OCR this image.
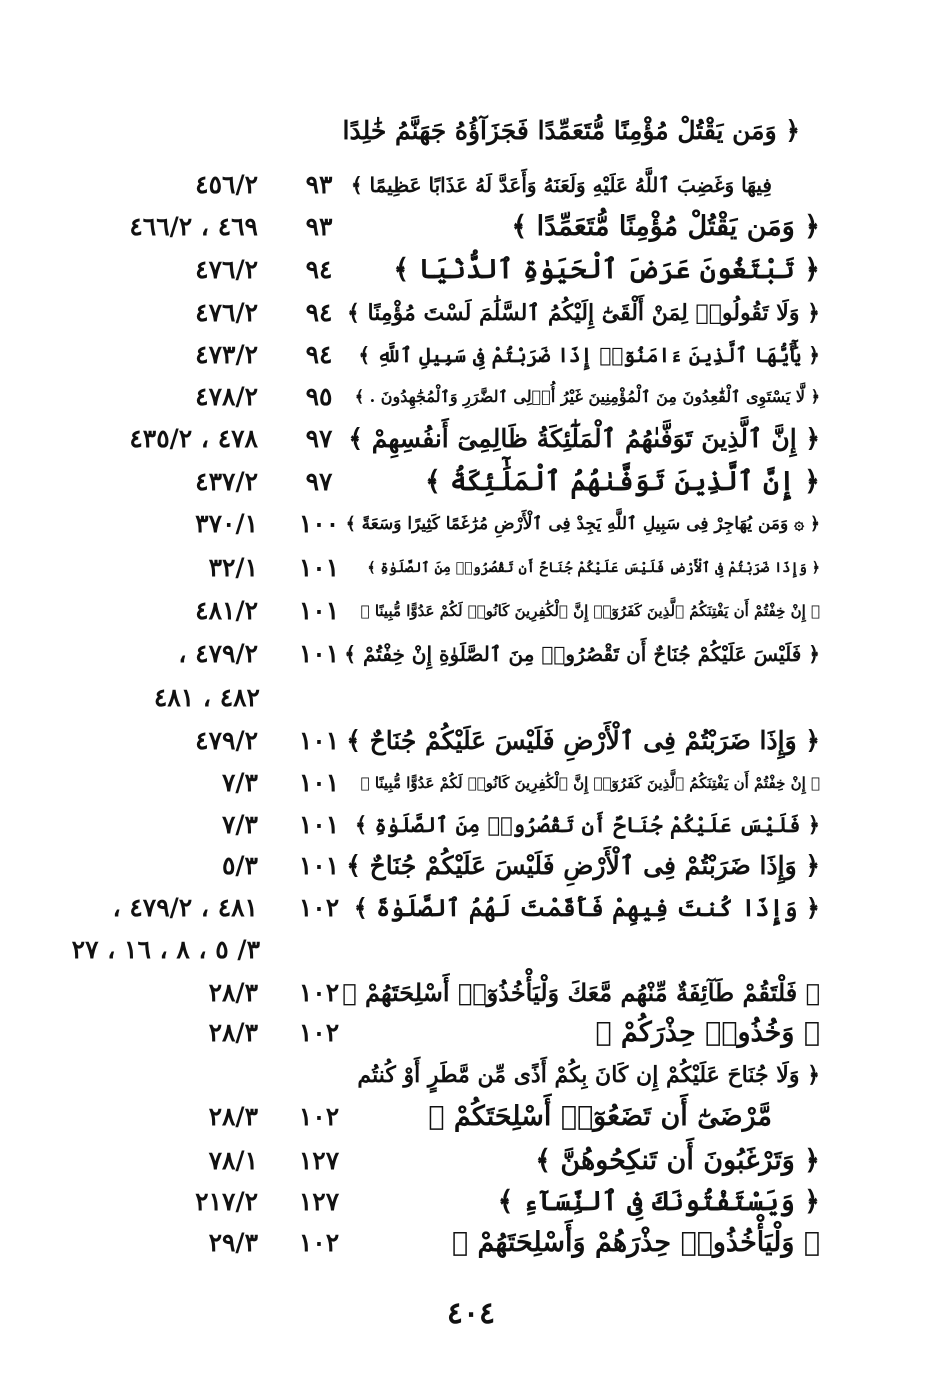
﴿ وَمَن يَقْتُلْ مُؤْمِنًا مُّتَعَمِّدًا فَجَزَآؤُهُ جَهَنَّمُ خَٰلِدًا
فِيهَا وَغَضِبَ ٱللَّهُ عَلَيْهِ وَلَعَنَهُ وَأَعَدَّ لَهُ عَذَابًا عَظِيمًا ﴾
٩٣
٤٥٦/٢
﴿ وَمَن يَقْتُلْ مُؤْمِنًا مُّتَعَمِّدًا ﴾
٩٣
٤٦٩ ، ٤٦٦/٢
﴿ تَبْتَغُونَ عَرَضَ ٱلْحَيَوٰةِ ٱلدُّنْيَا ﴾
٩٤
٤٧٦/٢
﴿ وَلَا تَقُولُوا۟ لِمَنْ أَلْقَىٰٓ إِلَيْكُمُ ٱلسَّلَٰمَ لَسْتَ مُؤْمِنًا ﴾
٩٤
٤٧٦/٢
﴿ يَٰٓأَيُّهَا ٱلَّذِينَ ءَامَنُوٓا۟ إِذَا ضَرَبْتُمْ فِى سَبِيلِ ٱللَّهِ ﴾
٩٤
٤٧٣/٢
﴿ لَّا يَسْتَوِى ٱلْقَٰعِدُونَ مِنَ ٱلْمُؤْمِنِينَ غَيْرُ أُو۟لِى ٱلضَّرَرِ وَٱلْمُجَٰهِدُونَ . ﴾
٩٥
٤٧٨/٢
﴿ إِنَّ ٱلَّذِينَ تَوَفَّىٰهُمُ ٱلْمَلَٰٓئِكَةُ ظَالِمِىٓ أَنفُسِهِمْ ﴾
٩٧
٤٧٨ ، ٤٣٥/٢
﴿ إِنَّ ٱلَّذِينَ تَوَفَّىٰهُمُ ٱلْمَلَٰٓئِكَةُ ﴾
٩٧
٤٣٧/٢
﴿ ۞ وَمَن يُهَاجِرْ فِى سَبِيلِ ٱللَّهِ يَجِدْ فِى ٱلْأَرْضِ مُرَٰغَمًا كَثِيرًا وَسَعَةً ﴾
١٠٠
٣٧٠/١
﴿ وَإِذَا ضَرَبْتُمْ فِى ٱلْأَرْضِ فَلَيْسَ عَلَيْكُمْ جُنَاحٌ أَن تَقْصُرُوا۟ مِنَ ٱلصَّلَوٰةِ ﴾
١٠١
٣٢/١
﴿ إِنْ خِفْتُمْ أَن يَفْتِنَكُمُ ٱلَّذِينَ كَفَرُوٓا۟ إِنَّ ٱلْكَٰفِرِينَ كَانُوا۟ لَكُمْ عَدُوًّا مُّبِينًا ﴾
١٠١
٤٨١/٢
﴿ فَلَيْسَ عَلَيْكُمْ جُنَاحٌ أَن تَقْصُرُوا۟ مِنَ ٱلصَّلَوٰةِ إِنْ خِفْتُمْ ﴾
١٠١
٤٧٩/٢ ،
٤٨٢ ، ٤٨١
﴿ وَإِذَا ضَرَبْتُمْ فِى ٱلْأَرْضِ فَلَيْسَ عَلَيْكُمْ جُنَاحٌ ﴾
١٠١
٤٧٩/٢
﴿ إِنْ خِفْتُمْ أَن يَفْتِنَكُمُ ٱلَّذِينَ كَفَرُوٓا۟ إِنَّ ٱلْكَٰفِرِينَ كَانُوا۟ لَكُمْ عَدُوًّا مُّبِينًا ﴾
١٠١
٧/٣
﴿ فَلَيْسَ عَلَيْكُمْ جُنَاحٌ أَن تَقْصُرُوا۟ مِنَ ٱلصَّلَوٰةِ ﴾
١٠١
٧/٣
﴿ وَإِذَا ضَرَبْتُمْ فِى ٱلْأَرْضِ فَلَيْسَ عَلَيْكُمْ جُنَاحٌ ﴾
١٠١
٥/٣
﴿ وَإِذَا كُنتَ فِيهِمْ فَأَقَمْتَ لَهُمُ ٱلصَّلَوٰةَ ﴾
١٠٢
٤٨١ ، ٤٧٩/٢ ،
٣/ ٥ ، ٨ ، ١٦ ، ٢٧
﴿ فَلْتَقُمْ طَآئِفَةٌ مِّنْهُم مَّعَكَ وَلْيَأْخُذُوٓا۟ أَسْلِحَتَهُمْ ﴾
١٠٢
٢٨/٣
﴿ وَخُذُوا۟ حِذْرَكُمْ ﴾
١٠٢
٢٨/٣
﴿ وَلَا جُنَاحَ عَلَيْكُمْ إِن كَانَ بِكُمْ أَذًى مِّن مَّطَرٍ أَوْ كُنتُم
مَّرْضَىٰٓ أَن تَضَعُوٓا۟ أَسْلِحَتَكُمْ ﴾
١٠٢
٢٨/٣
﴿ وَتَرْغَبُونَ أَن تَنكِحُوهُنَّ ﴾
١٢٧
٧٨/١
﴿ وَيَسْتَفْتُونَكَ فِى ٱلنِّسَآءِ ﴾
١٢٧
٢١٧/٢
﴿ وَلْيَأْخُذُوا۟ حِذْرَهُمْ وَأَسْلِحَتَهُمْ ﴾
١٠٢
٢٩/٣
٤٠٤
